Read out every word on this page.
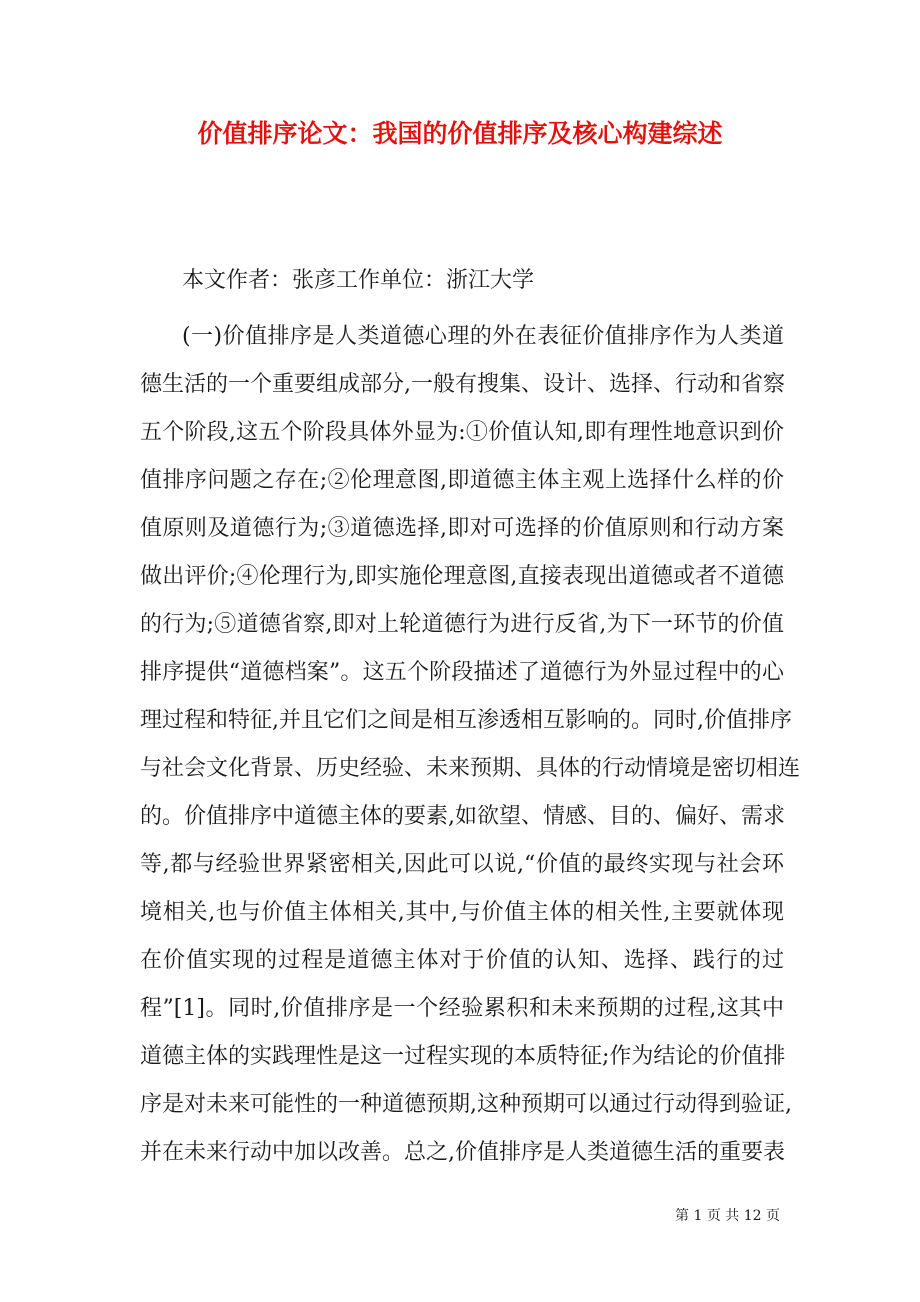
价值排序论文：我国的价值排序及核心构建综述

本文作者：张彦工作单位：浙江大学

(一)价值排序是人类道德心理的外在表征价值排序作为人类道
德生活的一个重要组成部分,一般有搜集、设计、选择、行动和省察
五个阶段,这五个阶段具体外显为:①价值认知,即有理性地意识到价
值排序问题之存在;②伦理意图,即道德主体主观上选择什么样的价
值原则及道德行为;③道德选择,即对可选择的价值原则和行动方案
做出评价;④伦理行为,即实施伦理意图,直接表现出道德或者不道德
的行为;⑤道德省察,即对上轮道德行为进行反省,为下一环节的价值
排序提供“道德档案”。这五个阶段描述了道德行为外显过程中的心
理过程和特征,并且它们之间是相互渗透相互影响的。同时,价值排序
与社会文化背景、历史经验、未来预期、具体的行动情境是密切相连
的。价值排序中道德主体的要素,如欲望、情感、目的、偏好、需求
等,都与经验世界紧密相关,因此可以说,“价值的最终实现与社会环
境相关,也与价值主体相关,其中,与价值主体的相关性,主要就体现
在价值实现的过程是道德主体对于价值的认知、选择、践行的过
程”[1]。同时,价值排序是一个经验累积和未来预期的过程,这其中
道德主体的实践理性是这一过程实现的本质特征;作为结论的价值排
序是对未来可能性的一种道德预期,这种预期可以通过行动得到验证,
并在未来行动中加以改善。总之,价值排序是人类道德生活的重要表
第 1 页 共 12 页
